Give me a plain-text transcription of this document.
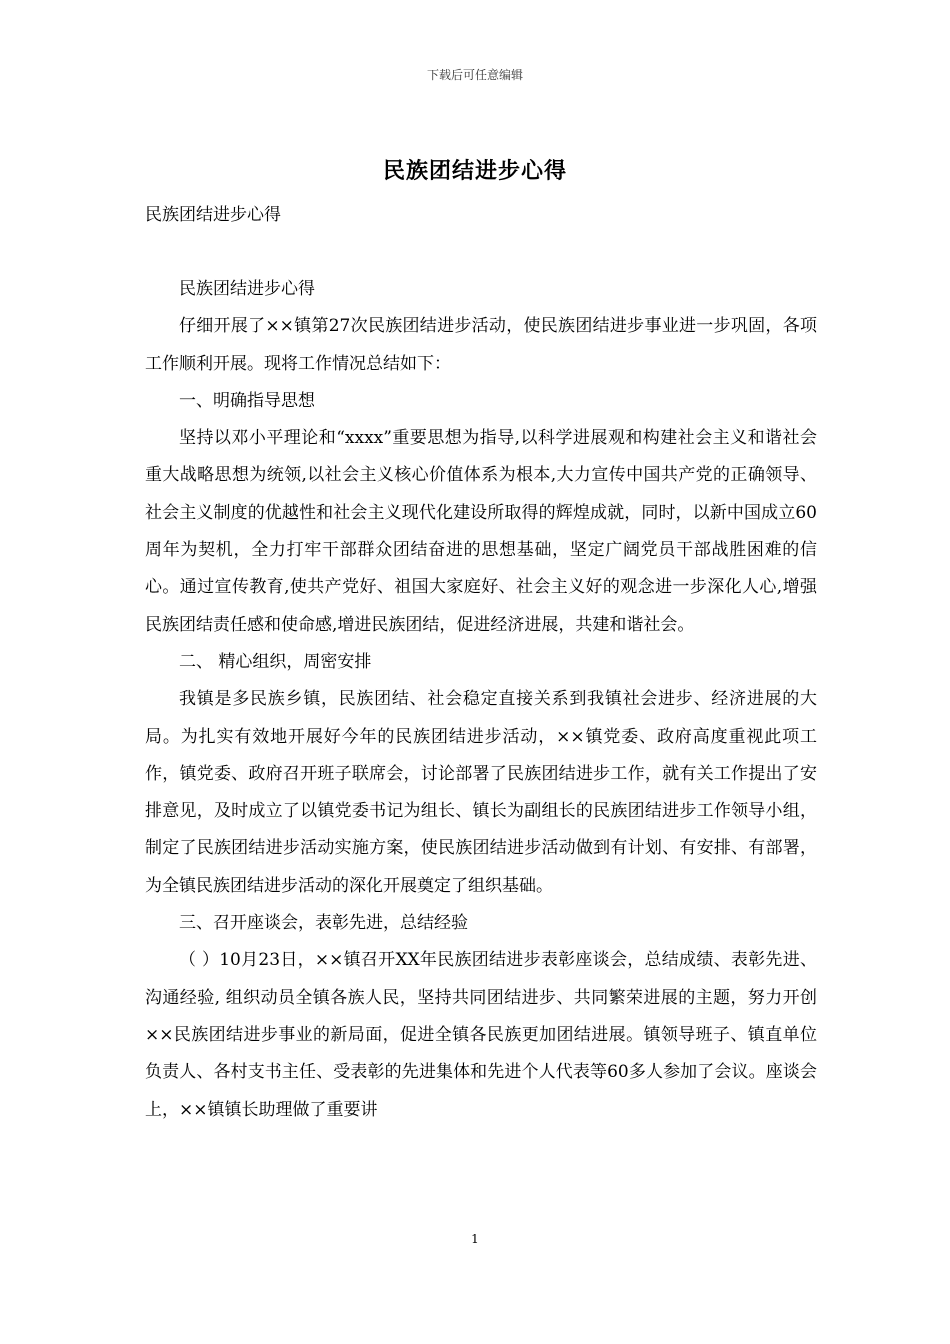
下载后可任意编辑
民族团结进步心得

民族团结进步心得

民族团结进步心得

仔细开展了××镇第27次民族团结进步活动，使民族团结进步事业进一步巩固，各项工作顺利开展。现将工作情况总结如下：

一、明确指导思想

坚持以邓小平理论和“xxxx”重要思想为指导,以科学进展观和构建社会主义和谐社会重大战略思想为统领,以社会主义核心价值体系为根本,大力宣传中国共产党的正确领导、社会主义制度的优越性和社会主义现代化建设所取得的辉煌成就，同时，以新中国成立60周年为契机，全力打牢干部群众团结奋进的思想基础，坚定广阔党员干部战胜困难的信心。通过宣传教育,使共产党好、祖国大家庭好、社会主义好的观念进一步深化人心,增强民族团结责任感和使命感,增进民族团结，促进经济进展，共建和谐社会。

二、 精心组织，周密安排

我镇是多民族乡镇，民族团结、社会稳定直接关系到我镇社会进步、经济进展的大局。为扎实有效地开展好今年的民族团结进步活动，××镇党委、政府高度重视此项工作，镇党委、政府召开班子联席会，讨论部署了民族团结进步工作，就有关工作提出了安排意见，及时成立了以镇党委书记为组长、镇长为副组长的民族团结进步工作领导小组，制定了民族团结进步活动实施方案，使民族团结进步活动做到有计划、有安排、有部署，为全镇民族团结进步活动的深化开展奠定了组织基础。

三、召开座谈会，表彰先进，总结经验

（ ）10月23日，××镇召开XX年民族团结进步表彰座谈会，总结成绩、表彰先进、沟通经验, 组织动员全镇各族人民，坚持共同团结进步、共同繁荣进展的主题，努力开创××民族团结进步事业的新局面，促进全镇各民族更加团结进展。镇领导班子、镇直单位负责人、各村支书主任、受表彰的先进集体和先进个人代表等60多人参加了会议。座谈会上，××镇镇长助理做了重要讲

1
